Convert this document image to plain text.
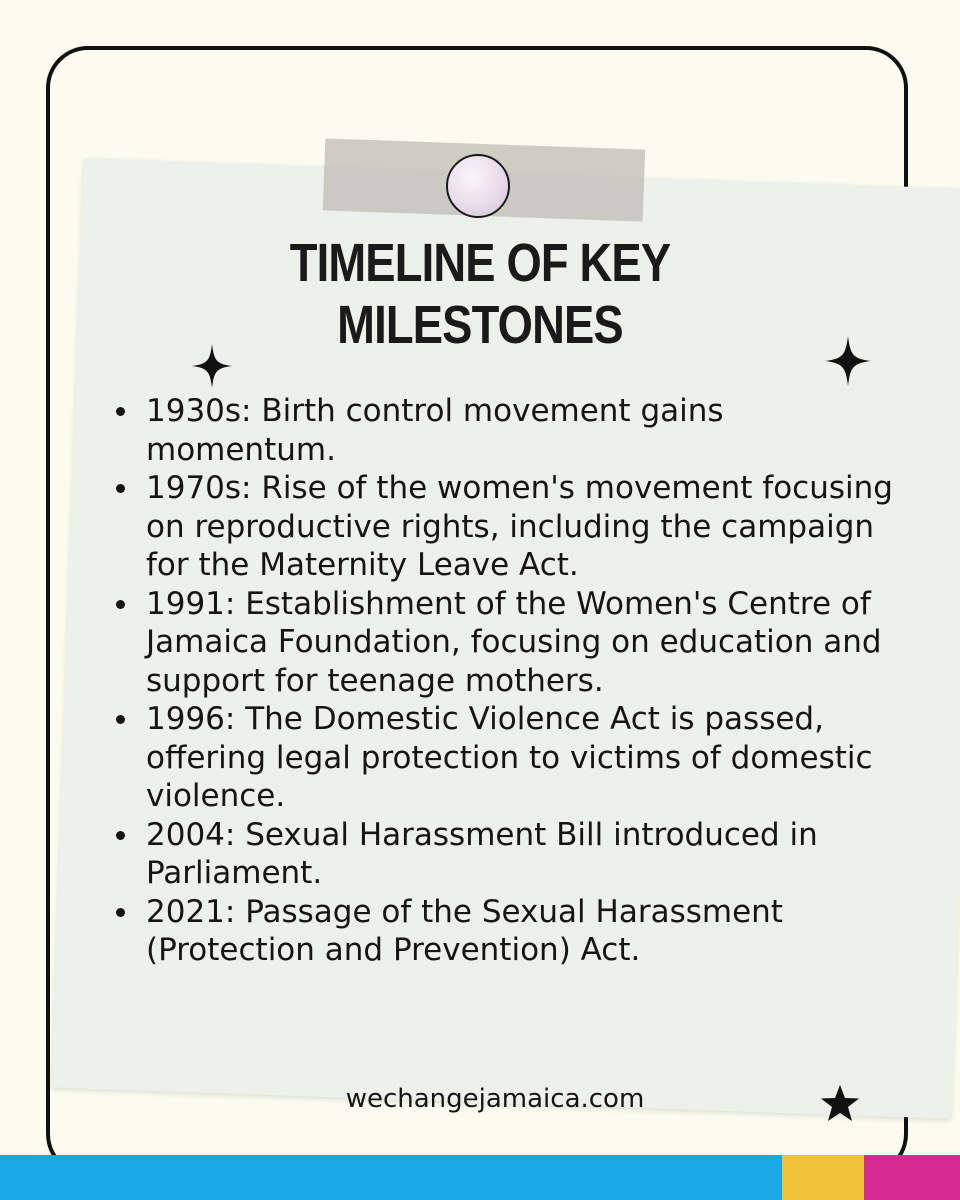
TIMELINE OF KEY
MILESTONES
1930s: Birth control movement gains momentum.
1970s: Rise of the women's movement focusing on reproductive rights, including the campaign for the Maternity Leave Act.
1991: Establishment of the Women's Centre of Jamaica Foundation, focusing on education and support for teenage mothers.
1996: The Domestic Violence Act is passed, offering legal protection to victims of domestic violence.
2004: Sexual Harassment Bill introduced in Parliament.
2021: Passage of the Sexual Harassment (Protection and Prevention) Act.
wechangejamaica.com
